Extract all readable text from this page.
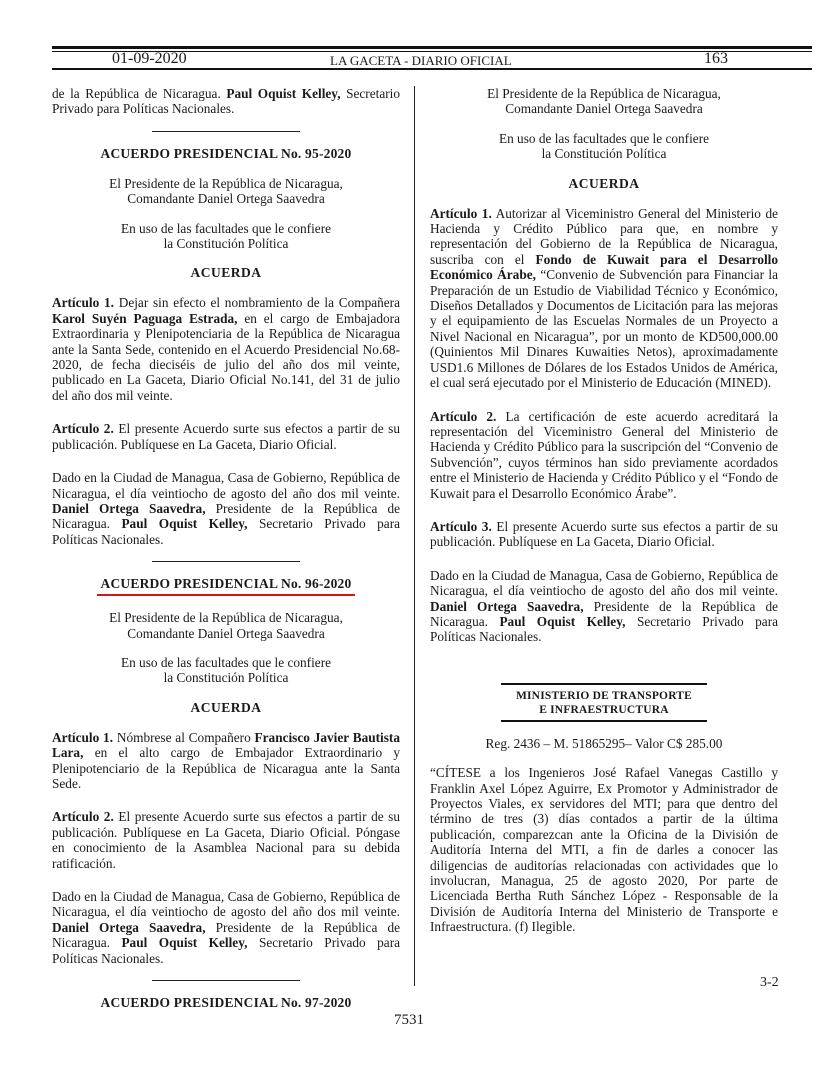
01-09-2020	LA GACETA - DIARIO OFICIAL	163

de la República de Nicaragua. Paul Oquist Kelley, Secretario Privado para Políticas Nacionales.

ACUERDO PRESIDENCIAL No. 95-2020

El Presidente de la República de Nicaragua,
Comandante Daniel Ortega Saavedra

En uso de las facultades que le confiere
la Constitución Política

ACUERDA

Artículo 1. Dejar sin efecto el nombramiento de la Compañera Karol Suyén Paguaga Estrada, en el cargo de Embajadora Extraordinaria y Plenipotenciaria de la República de Nicaragua ante la Santa Sede, contenido en el Acuerdo Presidencial No.68-2020, de fecha dieciséis de julio del año dos mil veinte, publicado en La Gaceta, Diario Oficial No.141, del 31 de julio del año dos mil veinte.

Artículo 2. El presente Acuerdo surte sus efectos a partir de su publicación. Publíquese en La Gaceta, Diario Oficial.

Dado en la Ciudad de Managua, Casa de Gobierno, República de Nicaragua, el día veintiocho de agosto del año dos mil veinte. Daniel Ortega Saavedra, Presidente de la República de Nicaragua. Paul Oquist Kelley, Secretario Privado para Políticas Nacionales.

ACUERDO PRESIDENCIAL No. 96-2020

El Presidente de la República de Nicaragua,
Comandante Daniel Ortega Saavedra

En uso de las facultades que le confiere
la Constitución Política

ACUERDA

Artículo 1. Nómbrese al Compañero Francisco Javier Bautista Lara, en el alto cargo de Embajador Extraordinario y Plenipotenciario de la República de Nicaragua ante la Santa Sede.

Artículo 2. El presente Acuerdo surte sus efectos a partir de su publicación. Publíquese en La Gaceta, Diario Oficial. Póngase en conocimiento de la Asamblea Nacional para su debida ratificación.

Dado en la Ciudad de Managua, Casa de Gobierno, República de Nicaragua, el día veintiocho de agosto del año dos mil veinte. Daniel Ortega Saavedra, Presidente de la República de Nicaragua. Paul Oquist Kelley, Secretario Privado para Políticas Nacionales.

ACUERDO PRESIDENCIAL No. 97-2020

El Presidente de la República de Nicaragua,
Comandante Daniel Ortega Saavedra

En uso de las facultades que le confiere
la Constitución Política

ACUERDA

Artículo 1. Autorizar al Viceministro General del Ministerio de Hacienda y Crédito Público para que, en nombre y representación del Gobierno de la República de Nicaragua, suscriba con el Fondo de Kuwait para el Desarrollo Económico Árabe, “Convenio de Subvención para Financiar la Preparación de un Estudio de Viabilidad Técnico y Económico, Diseños Detallados y Documentos de Licitación para las mejoras y el equipamiento de las Escuelas Normales de un Proyecto a Nivel Nacional en Nicaragua”, por un monto de KD500,000.00 (Quinientos Mil Dinares Kuwaities Netos), aproximadamente USD1.6 Millones de Dólares de los Estados Unidos de América, el cual será ejecutado por el Ministerio de Educación (MINED).

Artículo 2. La certificación de este acuerdo acreditará la representación del Viceministro General del Ministerio de Hacienda y Crédito Público para la suscripción del “Convenio de Subvención”, cuyos términos han sido previamente acordados entre el Ministerio de Hacienda y Crédito Público y el “Fondo de Kuwait para el Desarrollo Económico Árabe”.

Artículo 3. El presente Acuerdo surte sus efectos a partir de su publicación. Publíquese en La Gaceta, Diario Oficial.

Dado en la Ciudad de Managua, Casa de Gobierno, República de Nicaragua, el día veintiocho de agosto del año dos mil veinte. Daniel Ortega Saavedra, Presidente de la República de Nicaragua. Paul Oquist Kelley, Secretario Privado para Políticas Nacionales.

MINISTERIO DE TRANSPORTE
E INFRAESTRUCTURA

Reg. 2436 – M. 51865295– Valor C$ 285.00

“CÍTESE a los Ingenieros José Rafael Vanegas Castillo y Franklin Axel López Aguirre, Ex Promotor y Administrador de Proyectos Viales, ex servidores del MTI; para que dentro del término de tres (3) días contados a partir de la última publicación, comparezcan ante la Oficina de la División de Auditoría Interna del MTI, a fin de darles a conocer las diligencias de auditorías relacionadas con actividades que lo involucran, Managua, 25 de agosto 2020, Por parte de Licenciada Bertha Ruth Sánchez López - Responsable de la División de Auditoría Interna del Ministerio de Transporte e Infraestructura. (f) Ilegible.

3-2
7531
